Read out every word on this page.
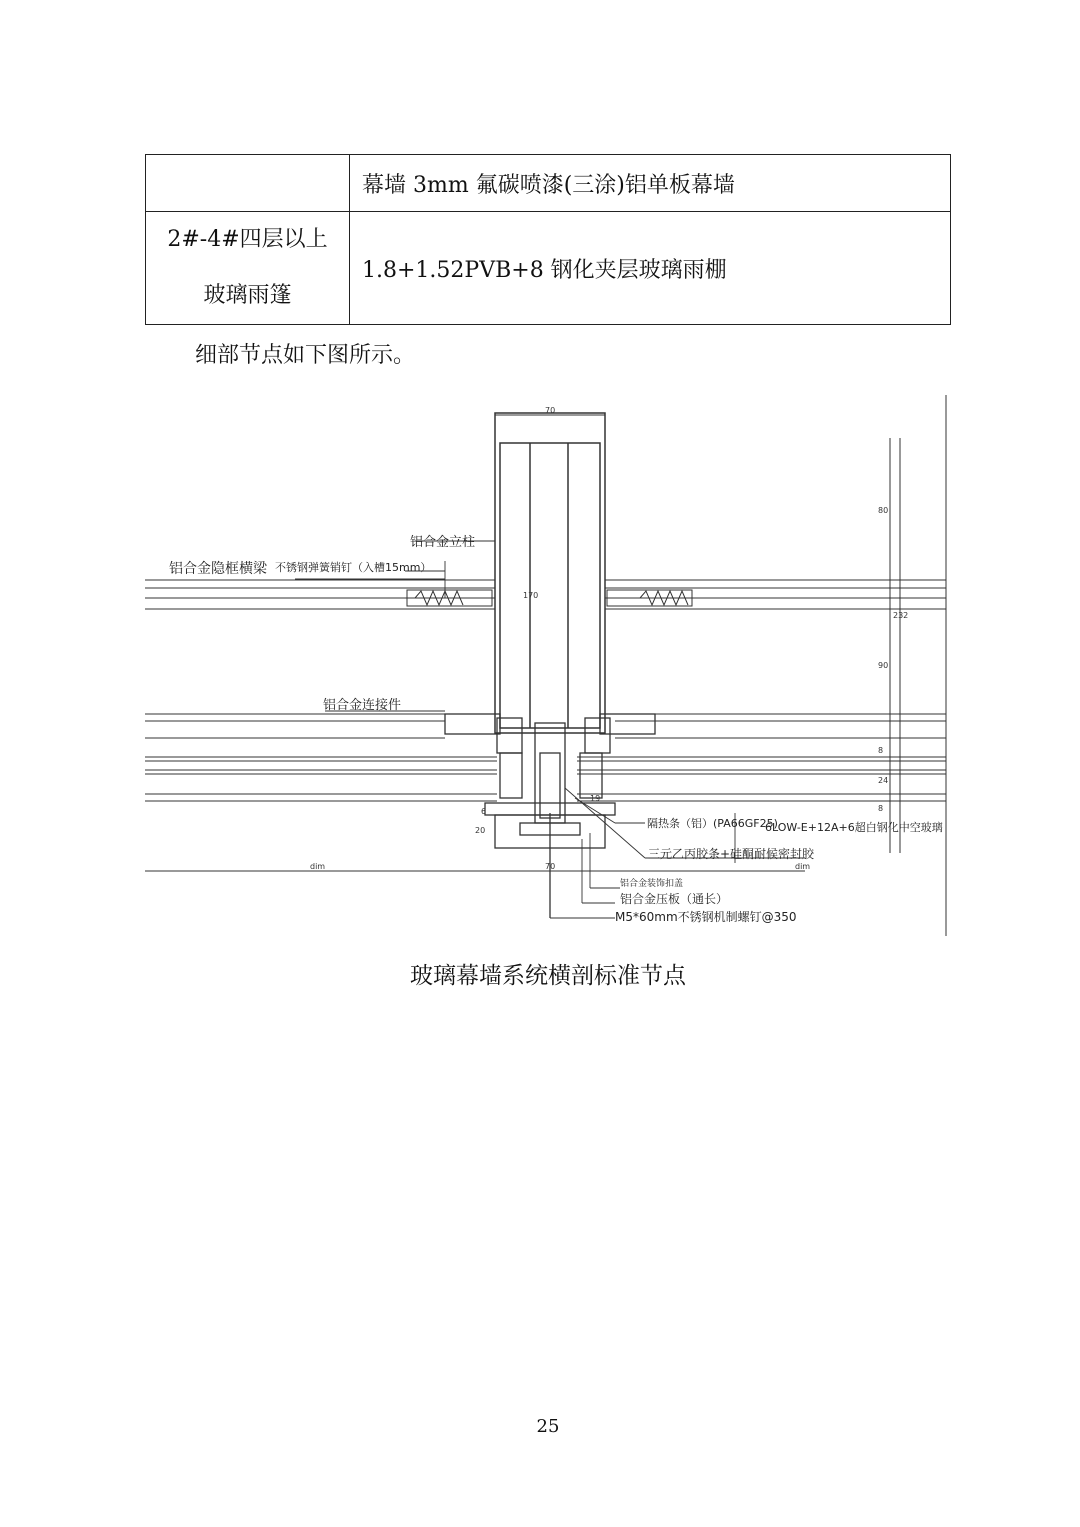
	幕墙 3mm 氟碳喷漆(三涂)铝单板幕墙

2#-4#四层以上
玻璃雨篷	1.8+1.52PVB+8 钢化夹层玻璃雨棚
细部节点如下图所示。
铝合金立柱
铝合金隐框横梁 不锈钢弹簧销钉（入槽15mm）
铝合金连接件
隔热条（铝）(PA66GF25)
6LOW-E+12A+6超白钢化中空玻璃
三元乙丙胶条+硅酮耐候密封胶
铝合金装饰扣盖
铝合金压板（通长）
M5*60mm不锈钢机制螺钉@350
70
70
dim	dim
170
80
232
90
8
24
8
20
6
19
玻璃幕墙系统横剖标准节点
25
